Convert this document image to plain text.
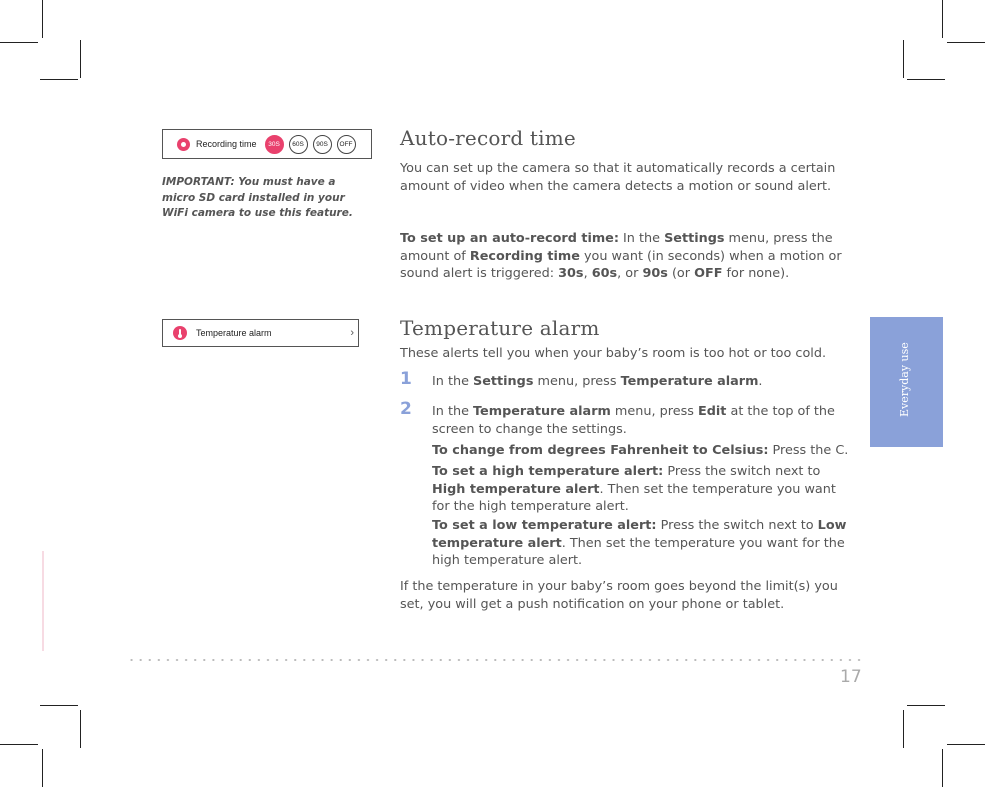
Recording time	30S	60S	90S	OFF
IMPORTANT: You must have a micro SD card installed in your WiFi camera to use this feature.
Temperature alarm	›
Auto-record time

You can set up the camera so that it automatically records a certain amount of video when the camera detects a motion or sound alert.

To set up an auto-record time: In the Settings menu, press the amount of Recording time you want (in seconds) when a motion or sound alert is triggered: 30s, 60s, or 90s (or OFF for none).

Temperature alarm

These alerts tell you when your baby’s room is too hot or too cold.

1 In the Settings menu, press Temperature alarm.

2 In the Temperature alarm menu, press Edit at the top of the screen to change the settings.

To change from degrees Fahrenheit to Celsius: Press the C.

To set a high temperature alert: Press the switch next to High temperature alert. Then set the temperature you want for the high temperature alert.

To set a low temperature alert: Press the switch next to Low temperature alert. Then set the temperature you want for the high temperature alert.

If the temperature in your baby’s room goes beyond the limit(s) you set, you will get a push notification on your phone or tablet.

Everyday use
17
